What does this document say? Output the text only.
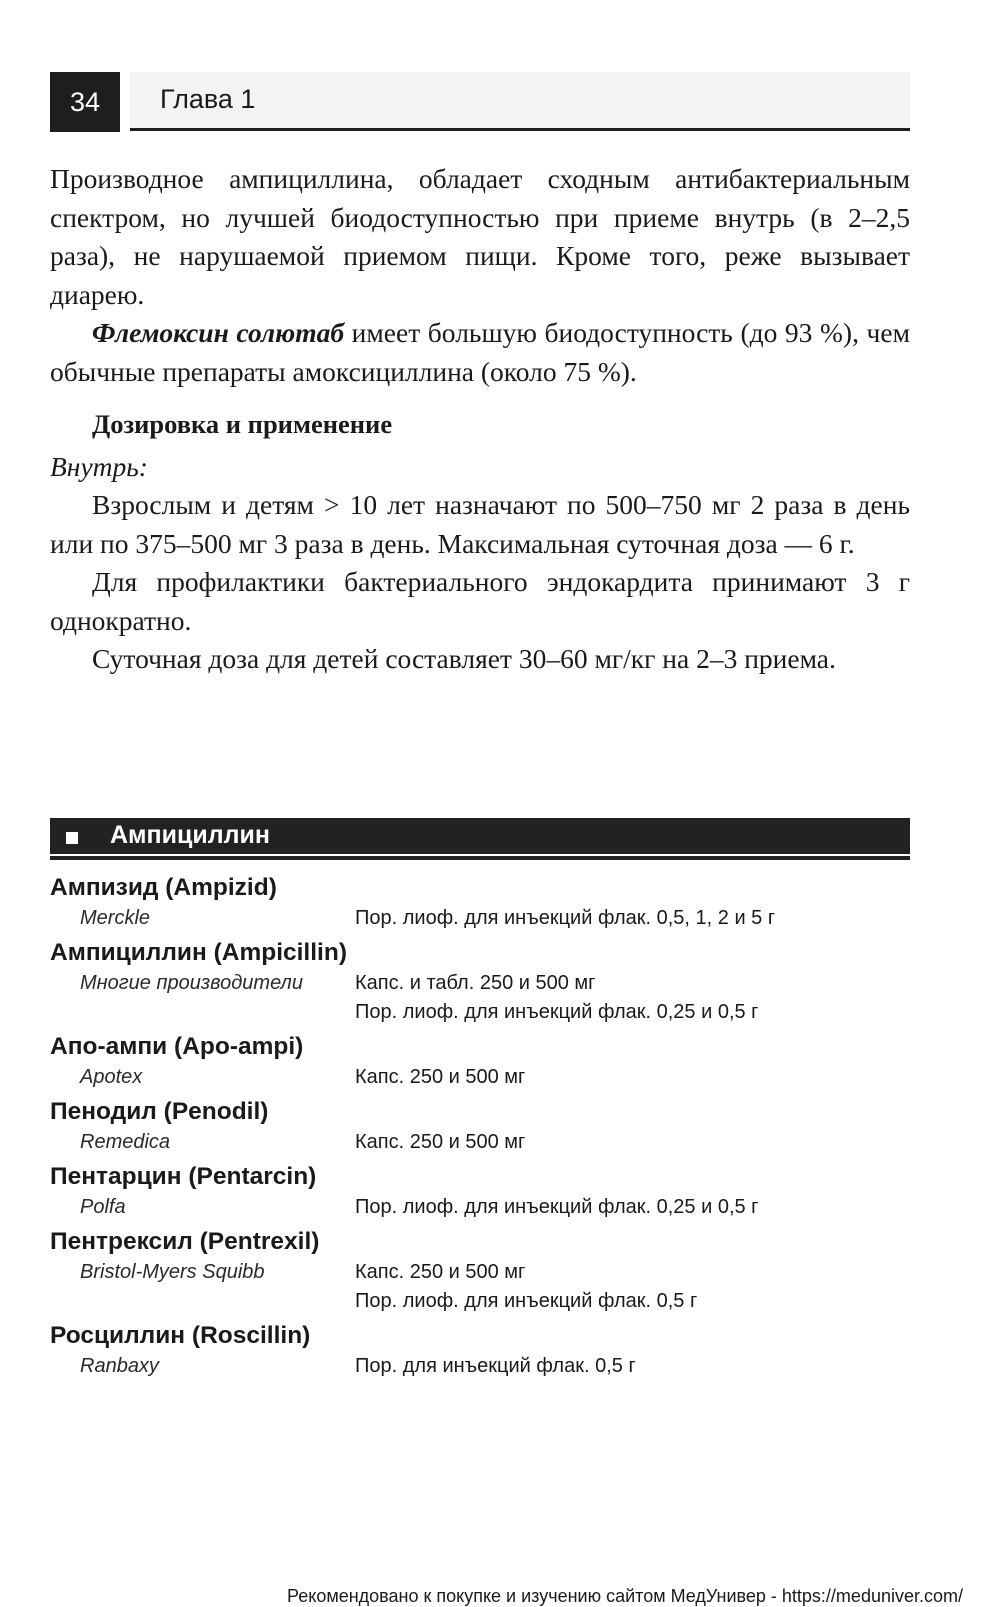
34	Глава 1

Производное ампициллина, обладает сходным антибактериальным спектром, но лучшей биодоступностью при приеме внутрь (в 2–2,5 раза), не нарушаемой приемом пищи. Кроме того, реже вызывает диарею.

Флемоксин солютаб имеет большую биодоступность (до 93 %), чем обычные препараты амоксициллина (около 75 %).

Дозировка и применение

Внутрь:

Взрослым и детям > 10 лет назначают по 500–750 мг 2 раза в день или по 375–500 мг 3 раза в день. Максимальная суточная доза — 6 г.

Для профилактики бактериального эндокардита принимают 3 г однократно.

Суточная доза для детей составляет 30–60 мг/кг на 2–3 приема.

Ампициллин
Ампизид (Ampizid)
Merckle	Пор. лиоф. для инъекций флак. 0,5, 1, 2 и 5 г
Ампициллин (Ampicillin)
Многие производители	Капс. и табл. 250 и 500 мг
Пор. лиоф. для инъекций флак. 0,25 и 0,5 г
Апо-ампи (Apo-ampi)
Apotex	Капс. 250 и 500 мг
Пенодил (Penodil)
Remedica	Капс. 250 и 500 мг
Пентарцин (Pentarcin)
Polfa	Пор. лиоф. для инъекций флак. 0,25 и 0,5 г
Пентрексил (Pentrexil)
Bristol-Myers Squibb	Капс. 250 и 500 мг
Пор. лиоф. для инъекций флак. 0,5 г
Росциллин (Roscillin)
Ranbaxy	Пор. для инъекций флак. 0,5 г
Рекомендовано к покупке и изучению сайтом МедУнивер - https://meduniver.com/
